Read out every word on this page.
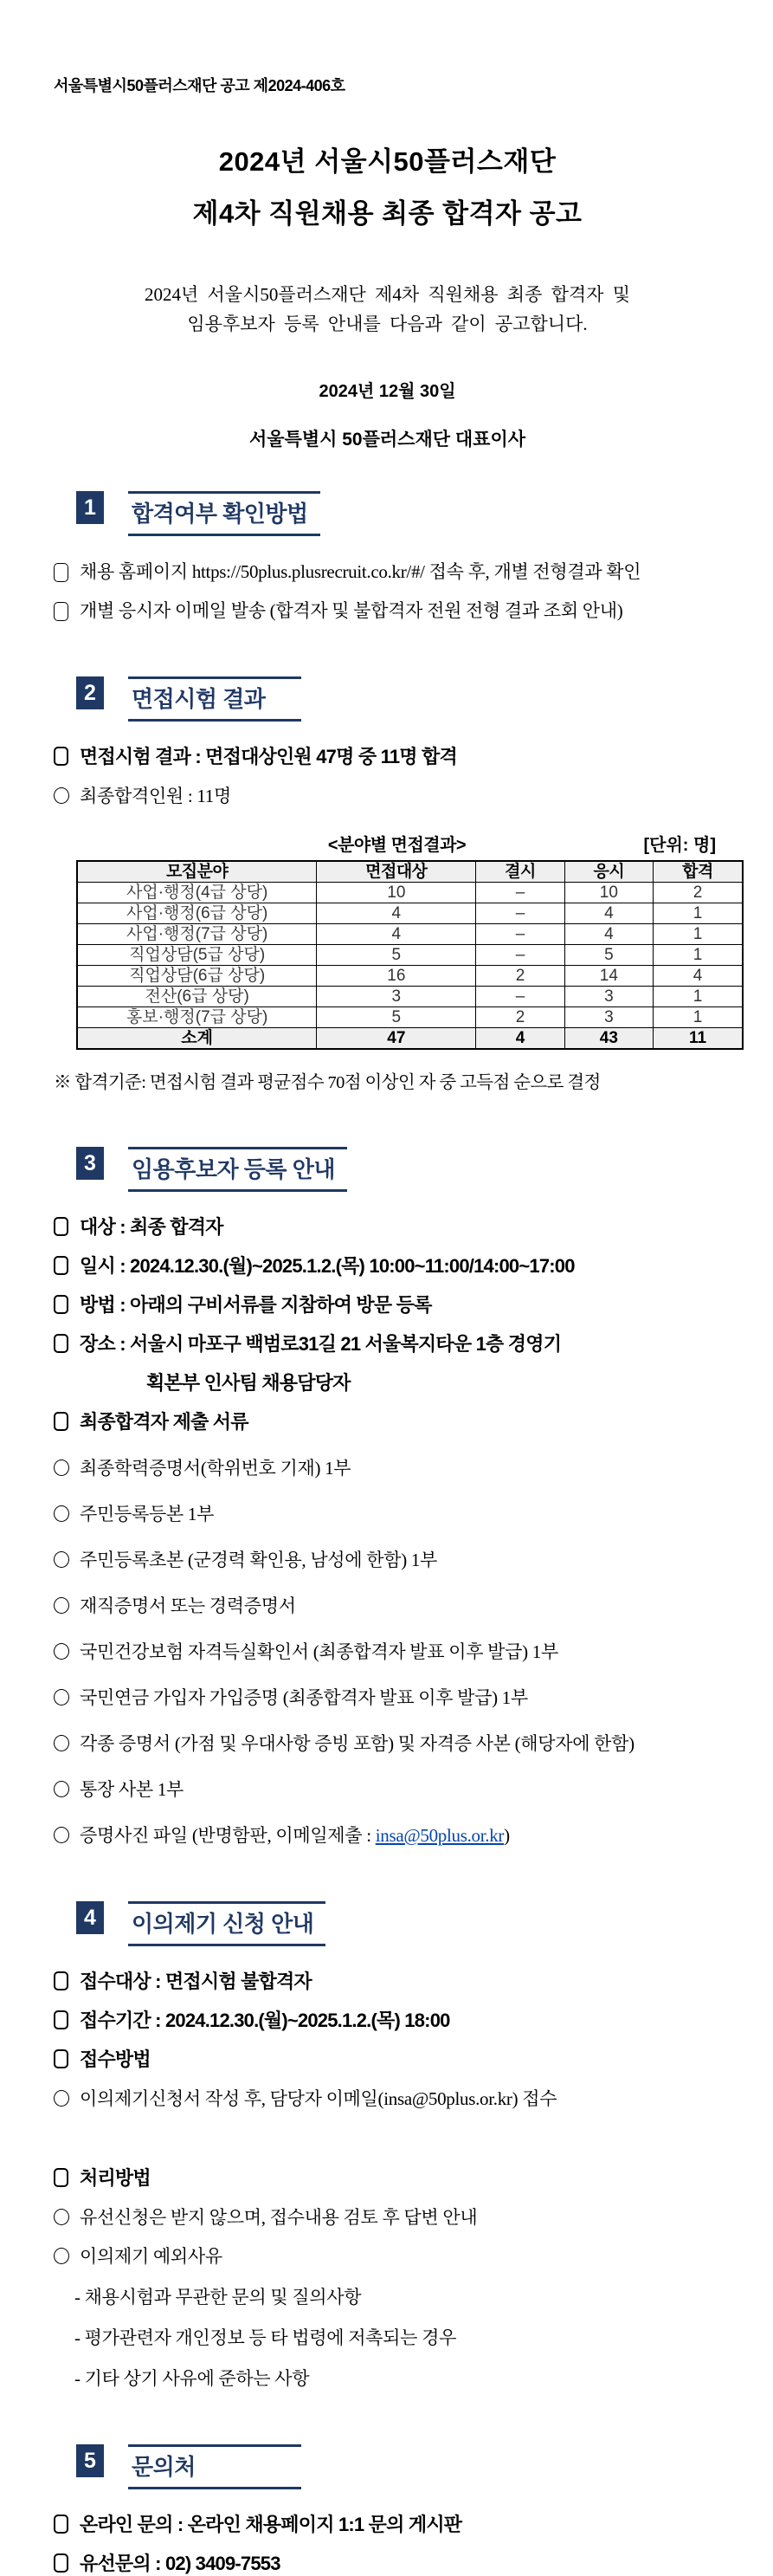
서울특별시50플러스재단 공고 제2024-406호
2024년 서울시50플러스재단
제4차 직원채용 최종 합격자 공고
2024년 서울시50플러스재단 제4차 직원채용 최종 합격자 및
임용후보자 등록 안내를 다음과 같이 공고합니다.
2024년 12월 30일
서울특별시 50플러스재단 대표이사
1	합격여부 확인방법
채용 홈페이지 https://50plus.plusrecruit.co.kr/#/ 접속 후, 개별 전형결과 확인
개별 응시자 이메일 발송 (합격자 및 불합격자 전원 전형 결과 조회 안내)
2	면접시험 결과
면접시험 결과 : 면접대상인원 47명 중 11명 합격
최종합격인원 : 11명
<분야별 면접결과>	[단위: 명]
모집분야	면접대상	결시	응시	합격
사업·행정(4급 상당)	10	–	10	2
사업·행정(6급 상당)	4	–	4	1
사업·행정(7급 상당)	4	–	4	1
직업상담(5급 상당)	5	–	5	1
직업상담(6급 상당)	16	2	14	4
전산(6급 상당)	3	–	3	1
홍보·행정(7급 상당)	5	2	3	1
소계	47	4	43	11
※ 합격기준: 면접시험 결과 평균점수 70점 이상인 자 중 고득점 순으로 결정
3	임용후보자 등록 안내
대상 : 최종 합격자
일시 : 2024.12.30.(월)~2025.1.2.(목) 10:00~11:00/14:00~17:00
방법 : 아래의 구비서류를 지참하여 방문 등록
장소 : 서울시 마포구 백범로31길 21 서울복지타운 1층 경영기
획본부 인사팀 채용담당자
최종합격자 제출 서류
최종학력증명서(학위번호 기재) 1부
주민등록등본 1부
주민등록초본 (군경력 확인용, 남성에 한함) 1부
재직증명서 또는 경력증명서
국민건강보험 자격득실확인서 (최종합격자 발표 이후 발급) 1부
국민연금 가입자 가입증명 (최종합격자 발표 이후 발급) 1부
각종 증명서 (가점 및 우대사항 증빙 포함) 및 자격증 사본 (해당자에 한함)
통장 사본 1부
증명사진 파일 (반명함판, 이메일제출 : insa@50plus.or.kr)
4	이의제기 신청 안내
접수대상 : 면접시험 불합격자
접수기간 : 2024.12.30.(월)~2025.1.2.(목) 18:00
접수방법
이의제기신청서 작성 후, 담당자 이메일(insa@50plus.or.kr) 접수
처리방법
유선신청은 받지 않으며, 접수내용 검토 후 답변 안내
이의제기 예외사유
- 채용시험과 무관한 문의 및 질의사항
- 평가관련자 개인정보 등 타 법령에 저촉되는 경우
- 기타 상기 사유에 준하는 사항
5	문의처
온라인 문의 : 온라인 채용페이지 1:1 문의 게시판
유선문의 : 02) 3409-7553
